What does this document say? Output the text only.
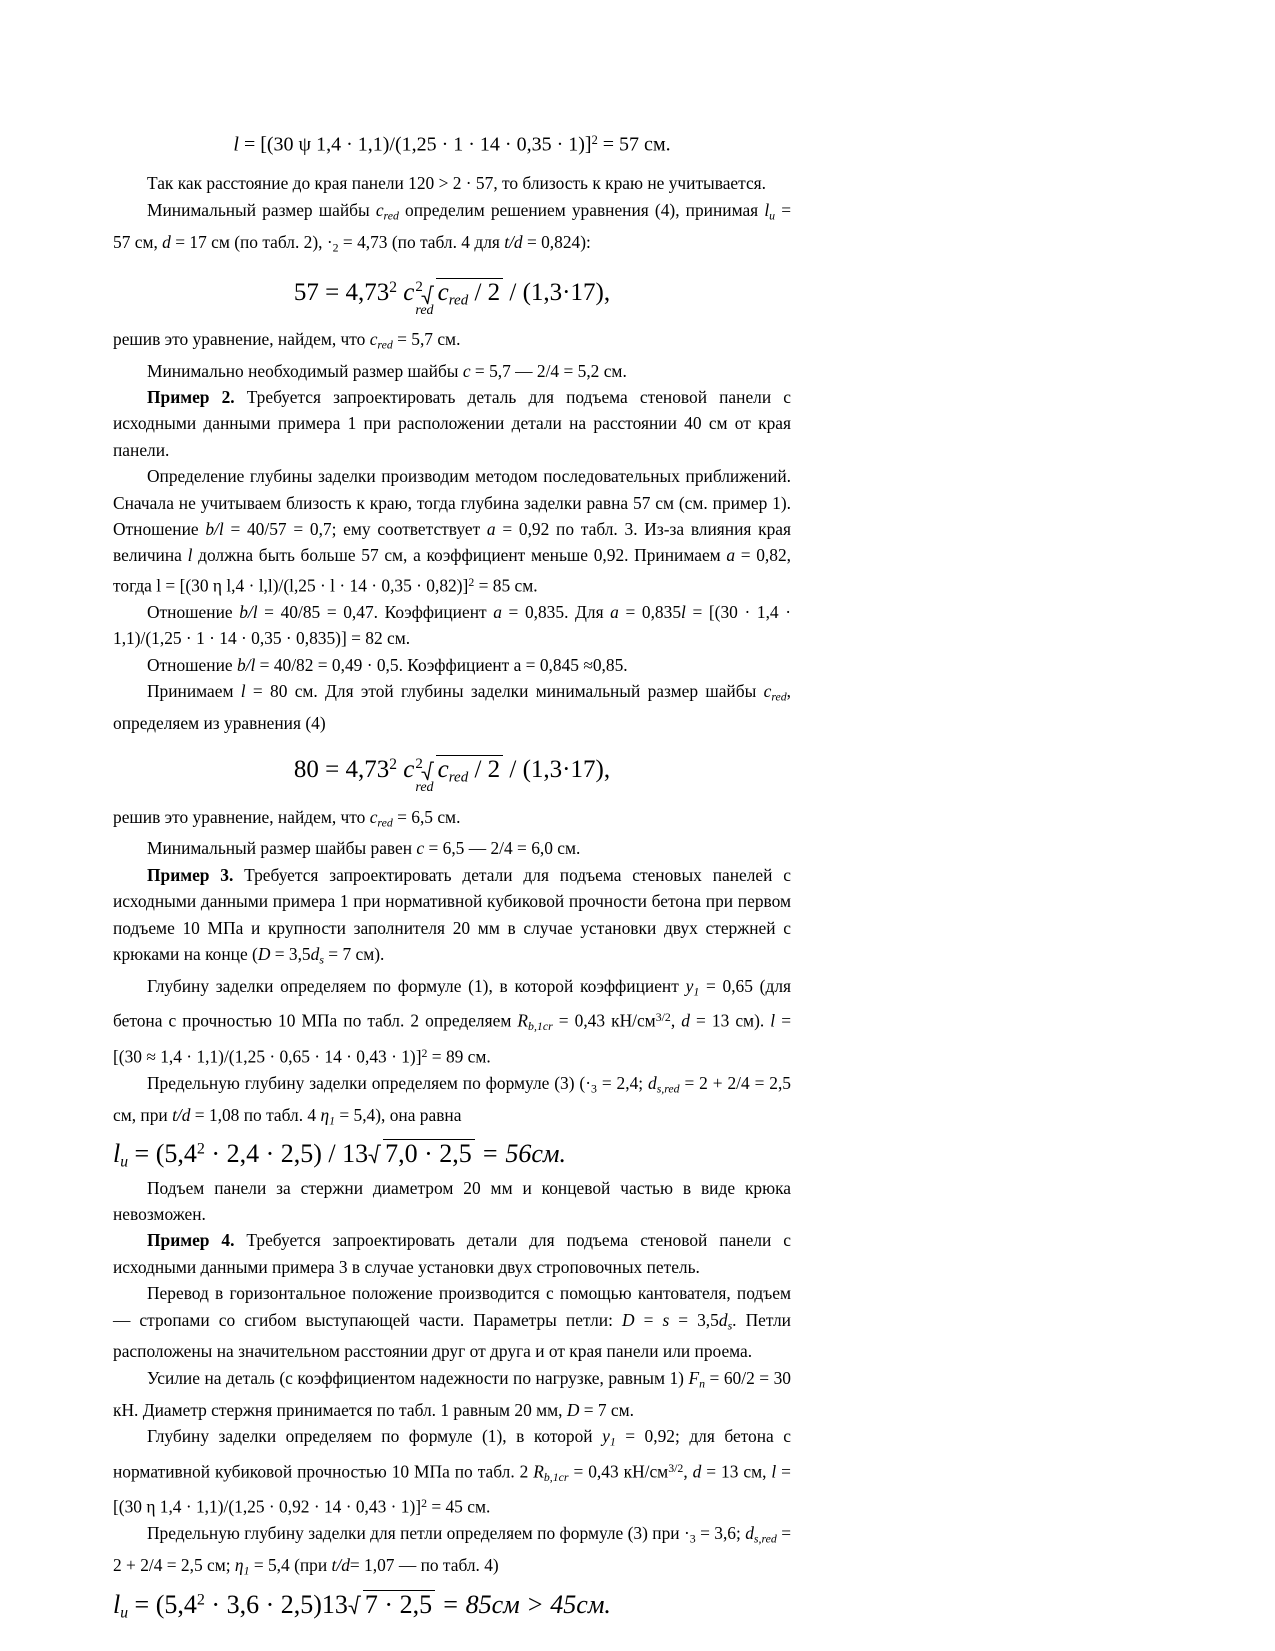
l = [(30 ψ 1,4 · 1,1)/(1,25 · 1 · 14 · 0,35 · 1)]$^2$ = 57 см.

Так как расстояние до края панели 120 > 2 · 57, то близость к краю не учитывается.

Минимальный размер шайбы $c_{red}$ определим решением уравнения (4), принимая $l_u = 57$ см, d = 17 см (по табл. 2), $\cdot_2 = 4,73$ (по табл. 4 для t/d = 0,824):

$57 = 4,73^2$ c 2
red

$c_{red} / 2 / (1,3\cdot 17)$,

решив это уравнение, найдем, что $c_{red} = 5,7$ см.

Минимально необходимый размер шайбы c = 5,7 — 2/4 = 5,2 см.

Пример 2. Требуется запроектировать деталь для подъема стеновой панели с исходными данными примера 1 при расположении детали на расстоянии 40 см от края панели.

Определение глубины заделки производим методом последовательных приближений. Сначала не учитываем близость к краю, тогда глубина заделки равна 57 см (см. пример 1). Отношение b/l = 40/57 = 0,7; ему соответствует a = 0,92 по табл. 3. Из-за влияния края величина l должна быть больше 57 см, а коэффициент меньше 0,92. Принимаем a = 0,82, тогда l = [(30 η l,4 · l,l)/(l,25 · l · 14 · 0,35 · 0,82)]$^2$ = 85 см.

Отношение b/l = 40/85 = 0,47. Коэффициент a = 0,835. Для a = 0,835l = [(30 · 1,4 · 1,1)/(1,25 · 1 · 14 · 0,35 · 0,835)] = 82 см.

Отношение b/l = 40/82 = 0,49 · 0,5. Коэффициент а = 0,845 ≈0,85.

Принимаем l = 80 см. Для этой глубины заделки минимальный размер шайбы $c_{red}$, определяем из уравнения (4)

$80 = 4,73^2$ c 2
red

$c_{red} / 2 / (1,3\cdot 17)$,

решив это уравнение, найдем, что $c_{red} = 6,5$ см.

Минимальный размер шайбы равен c = 6,5 — 2/4 = 6,0 см.

Пример 3. Требуется запроектировать детали для подъема стеновых панелей с исходными данными примера 1 при нормативной кубиковой прочности бетона при первом подъеме 10 МПа и крупности заполнителя 20 мм в случае установки двух стержней с крюками на конце ($D = 3,5d_s = 7$ см).

Глубину заделки определяем по формуле (1), в которой коэффициент $y_1 = 0,65$ (для бетона с прочностью 10 МПа по табл. 2 определяем $R_{b,1cr} = 0,43$ $кН/см^{3/2}$, d = 13 см). l = [(30 ≈ 1,4 · 1,1)/(1,25 · 0,65 · 14 · 0,43 · 1)]$^2$ = 89 см.

Предельную глубину заделки определяем по формуле (3) ($\cdot_3 = 2,4$; $d_{s,red} = 2 + 2/4 = 2,5$ см, при t/d = 1,08 по табл. 4 $\eta_1 = 5,4$), она равна

$l_u = (5,4^2 \cdot 2,4 \cdot 2,5) / 13$ 7,0 · 2,5 = 56см.

Подъем панели за стержни диаметром 20 мм и концевой частью в виде крюка невозможен.

Пример 4. Требуется запроектировать детали для подъема стеновой панели с исходными данными примера 3 в случае установки двух строповочных петель.

Перевод в горизонтальное положение производится с помощью кантователя, подъем — стропами со сгибом выступающей части. Параметры петли: $D = s = 3,5d_s$. Петли расположены на значительном расстоянии друг от друга и от края панели или проема.

Усилие на деталь (с коэффициентом надежности по нагрузке, равным 1) $F_n = 60/2 = 30$ кН. Диаметр стержня принимается по табл. 1 равным 20 мм, D = 7 см.

Глубину заделки определяем по формуле (1), в которой $y_1 = 0,92$; для бетона с нормативной кубиковой прочностью 10 МПа по табл. 2 $R_{b,1cr} = 0,43$ $кН/см^{3/2}$, d = 13 см, l = [(30 η 1,4 · 1,1)/(1,25 · 0,92 · 14 · 0,43 · 1)]$^2$ = 45 см.

Предельную глубину заделки для петли определяем по формуле (3) при $\cdot_3 = 3,6$; $d_{s,red} = 2 + 2/4 = 2,5$ см; $\eta_1 = 5,4$ (при t/d= 1,07 — по табл. 4)

$l_u = (5,4^2 \cdot 3,6 \cdot 2,5)13$ 7 · 2,5 = 85см > 45см.
